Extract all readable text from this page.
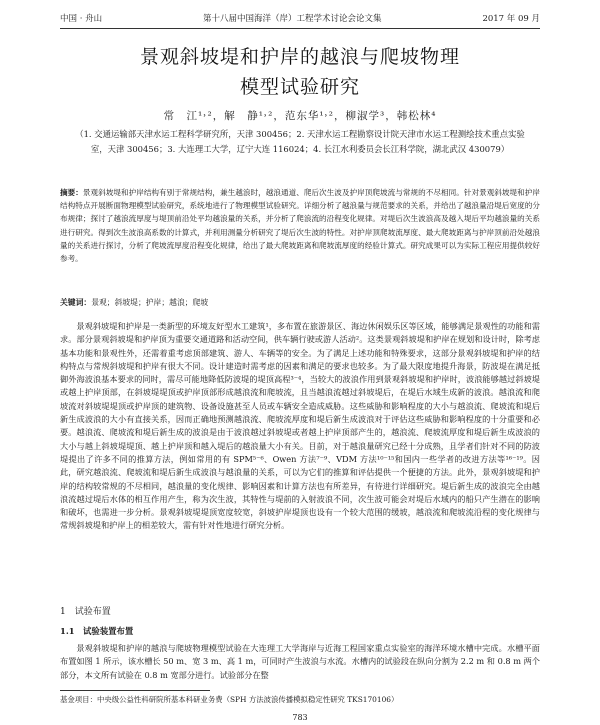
中国 · 舟山	第十八届中国海洋（岸）工程学术讨论会论文集	2017 年 09 月
景观斜坡堤和护岸的越浪与爬坡物理
模型试验研究
常　江¹˒²，解　静¹˒²，范东华¹˒²，柳淑学³，韩松林⁴
（1. 交通运输部天津水运工程科学研究所，天津 300456；2. 天津水运工程勘察设计院天津市水运工程测绘技术重点实验室，天津 300456；3. 大连理工大学，辽宁大连 116024；4. 长江水利委员会长江科学院，湖北武汉 430079）
摘要：景观斜坡堤和护岸结构有别于常规结构，兼生越浪时，越浪通道、爬后次生波及护岸顶爬坡流与常规的不尽相同。针对景观斜坡堤和护岸结构特点开展断面物理模型试验研究，系统地进行了物理模型试验研究。详细分析了越浪量与规范要求的关系，并给出了越浪量沿堤后宽度的分布规律；探讨了越浪流厚度与堤顶前沿处平均越浪量的关系，并分析了爬浪流的沿程变化规律。对堤后次生波浪高及越入堤后平均越浪量的关系进行研究。得到次生波浪高系数的计算式，并利用测量分析研究了堤后次生波的特性。对护岸顶爬坡流厚度、最大爬坡距离与护岸顶前沿处越浪量的关系进行探讨，分析了爬坡流厚度沿程变化规律，给出了最大爬坡距离和爬坡流厚度的经验计算式。研究成果可以为实际工程应用提供较好参考。
关键词：景观；斜坡堤；护岸；越浪；爬坡
景观斜坡堤和护岸是一类新型的环境友好型水工建筑¹，多布置在旅游景区、海边休闲娱乐区等区域，能够满足景观性的功能和需求。部分景观斜坡堤和护岸顶为重要交通道路和活动空间，供车辆行驶或游人活动²。这类景观斜坡堤和护岸在规划和设计时，除考虑基本功能和景观性外，还需着重考虑顶部建筑、游人、车辆等的安全。为了满足上述功能和特殊要求，这部分景观斜坡堤和护岸的结构特点与常规斜坡堤和护岸有很大不同。设计建造时需考虑的因素和满足的要求也较多。为了最大限度地提升海景，防波堤在满足抵御外海波浪基本要求的同时，需尽可能地降低防波堤的堤顶高程³⁻⁴，当较大的波浪作用到景观斜坡堤和护岸时，波浪能够越过斜坡堤或越上护岸顶部，在斜坡堤堤顶或护岸顶部形成越浪流和爬坡流，且当越浪流越过斜坡堤后，在堤后水域生成新的波浪。越浪流和爬坡流对斜坡堤堤顶或护岸顶的建筑物、设备设施甚至人员或车辆安全造成威胁。这些威胁和影响程度的大小与越浪流、爬坡流和堤后新生成波浪的大小有直接关系，因而正确地预测越浪流、爬坡流厚度和堤后新生成波浪对于评估这些威胁和影响程度的十分重要和必要。越浪流、爬坡流和堤后新生成的波浪是由于波浪越过斜坡堤或者越上护岸顶部产生的，越浪流、爬坡流厚度和堤后新生成波浪的大小与越上斜坡堤堤顶、越上护岸顶和越入堤后的越浪量大小有关。目前，对于越浪量研究已经十分成熟，且学者们针对不同的防波堤提出了许多不同的推算方法，例如常用的有 SPM⁵⁻⁶、Owen 方法⁷⁻⁹、VDM 方法¹⁰⁻¹⁵和国内一些学者的改进方法等¹⁶⁻¹⁹。因此，研究越浪流、爬坡流和堤后新生成波浪与越浪量的关系，可以为它们的推算和评估提供一个便捷的方法。此外，景观斜坡堤和护岸的结构较常规的不尽相同，越浪量的变化规律、影响因素和计算方法也有所差异，有待进行详细研究。堤后新生成的波浪完全由越浪流越过堤后水体的相互作用产生，称为次生波，其特性与堤前的入射波浪不同，次生波可能会对堤后水域内的船只产生潜在的影响和破坏，也需进一步分析。景观斜坡堤堤顶宽度较宽，斜坡护岸堤顶也设有一个较大范围的缓坡，越浪流和爬坡流沿程的变化规律与常规斜坡堤和护岸上的相差较大，需有针对性地进行研究分析。
1　试验布置
1.1　试验装置布置
景观斜坡堤和护岸的越浪与爬坡物理模型试验在大连理工大学海岸与近海工程国家重点实验室的海洋环境水槽中完成。水槽平面布置如图 1 所示，该水槽长 50 m、宽 3 m、高 1 m，可同时产生波浪与水流。水槽内的试验段在纵向分割为 2.2 m 和 0.8 m 两个部分，本文所有试验在 0.8 m 宽部分进行。试验部分在整
基金项目：中央级公益性科研院所基本科研业务费（SPH 方法波浪传播模拟稳定性研究 TKS170106）
783
